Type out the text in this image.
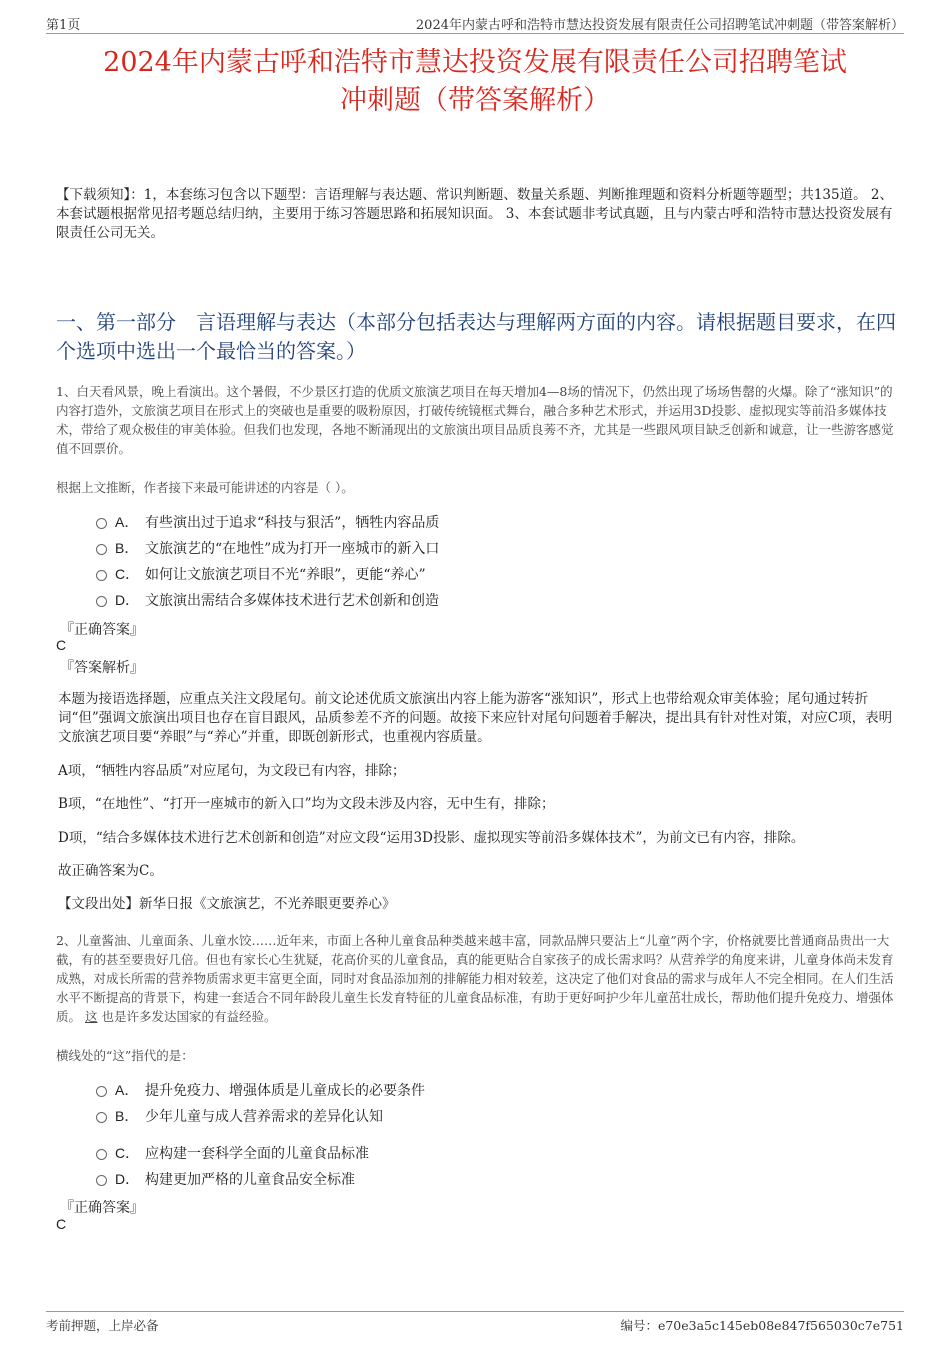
第1页	2024年内蒙古呼和浩特市慧达投资发展有限责任公司招聘笔试冲刺题（带答案解析）
2024年内蒙古呼和浩特市慧达投资发展有限责任公司招聘笔试
冲刺题（带答案解析）
【下载须知】：1，本套练习包含以下题型：言语理解与表达题、常识判断题、数量关系题、判断推理题和资料分析题等题型；共135道。 2、本套试题根据常见招考题总结归纳，主要用于练习答题思路和拓展知识面。 3、本套试题非考试真题，且与内蒙古呼和浩特市慧达投资发展有限责任公司无关。
一、第一部分　言语理解与表达（本部分包括表达与理解两方面的内容。请根据题目要求，在四个选项中选出一个最恰当的答案。）
1、白天看风景，晚上看演出。这个暑假，不少景区打造的优质文旅演艺项目在每天增加4—8场的情况下，仍然出现了场场售罄的火爆。除了“涨知识”的内容打造外，文旅演艺项目在形式上的突破也是重要的吸粉原因，打破传统镜框式舞台，融合多种艺术形式，并运用3D投影、虚拟现实等前沿多媒体技术，带给了观众极佳的审美体验。但我们也发现，各地不断涌现出的文旅演出项目品质良莠不齐，尤其是一些跟风项目缺乏创新和诚意，让一些游客感觉值不回票价。
根据上文推断，作者接下来最可能讲述的内容是（ ）。
A． 有些演出过于追求“科技与狠活”，牺牲内容品质
B． 文旅演艺的“在地性”成为打开一座城市的新入口
C． 如何让文旅演艺项目不光“养眼”，更能“养心”
D． 文旅演出需结合多媒体技术进行艺术创新和创造
『正确答案』
C
『答案解析』
本题为接语选择题，应重点关注文段尾句。前文论述优质文旅演出内容上能为游客“涨知识”，形式上也带给观众审美体验；尾句通过转折词“但”强调文旅演出项目也存在盲目跟风，品质参差不齐的问题。故接下来应针对尾句问题着手解决，提出具有针对性对策，对应C项，表明文旅演艺项目要“养眼”与“养心”并重，即既创新形式，也重视内容质量。
A项，“牺牲内容品质”对应尾句，为文段已有内容，排除；
B项，“在地性”、“打开一座城市的新入口”均为文段未涉及内容，无中生有，排除；
D项，“结合多媒体技术进行艺术创新和创造”对应文段“运用3D投影、虚拟现实等前沿多媒体技术”，为前文已有内容，排除。
故正确答案为C。
【文段出处】新华日报《文旅演艺，不光养眼更要养心》
2、儿童酱油、儿童面条、儿童水饺……近年来，市面上各种儿童食品种类越来越丰富，同款品牌只要沾上“儿童”两个字，价格就要比普通商品贵出一大截，有的甚至要贵好几倍。但也有家长心生犹疑，花高价买的儿童食品，真的能更贴合自家孩子的成长需求吗？从营养学的角度来讲，儿童身体尚未发育成熟，对成长所需的营养物质需求更丰富更全面，同时对食品添加剂的排解能力相对较差，这决定了他们对食品的需求与成年人不完全相同。在人们生活水平不断提高的背景下，构建一套适合不同年龄段儿童生长发育特征的儿童食品标准，有助于更好呵护少年儿童茁壮成长，帮助他们提升免疫力、增强体质。 这 也是许多发达国家的有益经验。
横线处的“这”指代的是：
A． 提升免疫力、增强体质是儿童成长的必要条件
B． 少年儿童与成人营养需求的差异化认知
C． 应构建一套科学全面的儿童食品标准
D． 构建更加严格的儿童食品安全标准
『正确答案』
C
考前押题，上岸必备	编号：e70e3a5c145eb08e847f565030c7e751
